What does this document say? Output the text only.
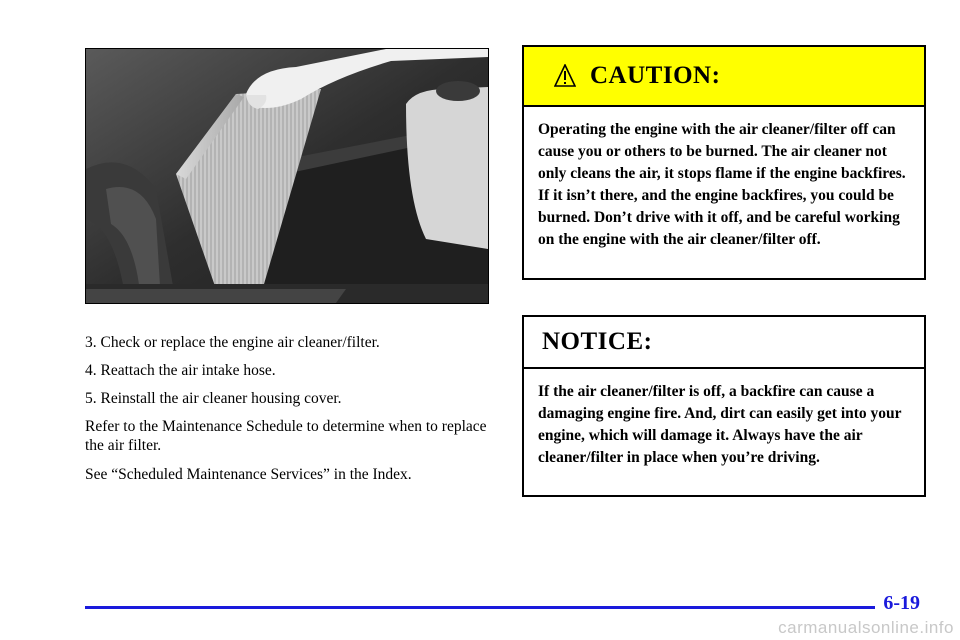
3. Check or replace the engine air cleaner/filter.

4. Reattach the air intake hose.

5. Reinstall the air cleaner housing cover.

Refer to the Maintenance Schedule to determine when to replace the air filter.

See “Scheduled Maintenance Services” in the Index.

CAUTION:
Operating the engine with the air cleaner/filter off can cause you or others to be burned. The air cleaner not only cleans the air, it stops flame if the engine backfires. If it isn’t there, and the engine backfires, you could be burned. Don’t drive with it off, and be careful working on the engine with the air cleaner/filter off.
NOTICE:
If the air cleaner/filter is off, a backfire can cause a damaging engine fire. And, dirt can easily get into your engine, which will damage it. Always have the air cleaner/filter in place when you’re driving.
6-19
carmanualsonline.info
